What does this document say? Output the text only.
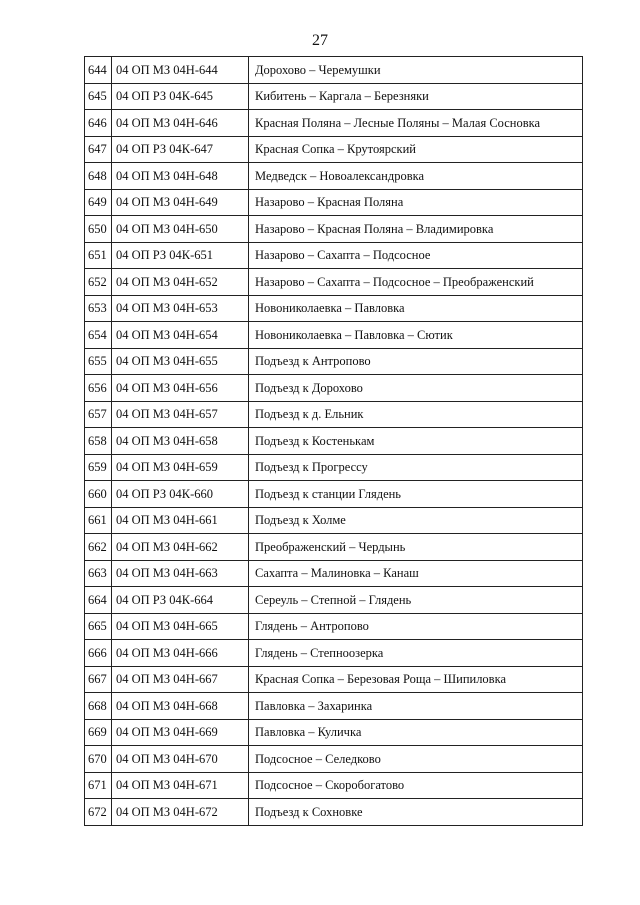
27
644	04 ОП МЗ 04Н-644	Дорохово – Черемушки
645	04 ОП РЗ 04К-645	Кибитень – Каргала – Березняки
646	04 ОП МЗ 04Н-646	Красная Поляна – Лесные Поляны – Малая Сосновка
647	04 ОП РЗ 04К-647	Красная Сопка – Крутоярский
648	04 ОП МЗ 04Н-648	Медведск – Новоалександровка
649	04 ОП МЗ 04Н-649	Назарово – Красная Поляна
650	04 ОП МЗ 04Н-650	Назарово – Красная Поляна – Владимировка
651	04 ОП РЗ 04К-651	Назарово – Сахапта – Подсосное
652	04 ОП МЗ 04Н-652	Назарово – Сахапта – Подсосное – Преображенский
653	04 ОП МЗ 04Н-653	Новониколаевка – Павловка
654	04 ОП МЗ 04Н-654	Новониколаевка – Павловка – Сютик
655	04 ОП МЗ 04Н-655	Подъезд к Антропово
656	04 ОП МЗ 04Н-656	Подъезд к Дорохово
657	04 ОП МЗ 04Н-657	Подъезд к д. Ельник
658	04 ОП МЗ 04Н-658	Подъезд к Костенькам
659	04 ОП МЗ 04Н-659	Подъезд к Прогрессу
660	04 ОП РЗ 04К-660	Подъезд к станции Глядень
661	04 ОП МЗ 04Н-661	Подъезд к Холме
662	04 ОП МЗ 04Н-662	Преображенский – Чердынь
663	04 ОП МЗ 04Н-663	Сахапта – Малиновка – Канаш
664	04 ОП РЗ 04К-664	Сереуль – Степной – Глядень
665	04 ОП МЗ 04Н-665	Глядень – Антропово
666	04 ОП МЗ 04Н-666	Глядень – Степноозерка
667	04 ОП МЗ 04Н-667	Красная Сопка – Березовая Роща – Шипиловка
668	04 ОП МЗ 04Н-668	Павловка – Захаринка
669	04 ОП МЗ 04Н-669	Павловка – Куличка
670	04 ОП МЗ 04Н-670	Подсосное – Селедково
671	04 ОП МЗ 04Н-671	Подсосное – Скоробогатово
672	04 ОП МЗ 04Н-672	Подъезд к Сохновке
